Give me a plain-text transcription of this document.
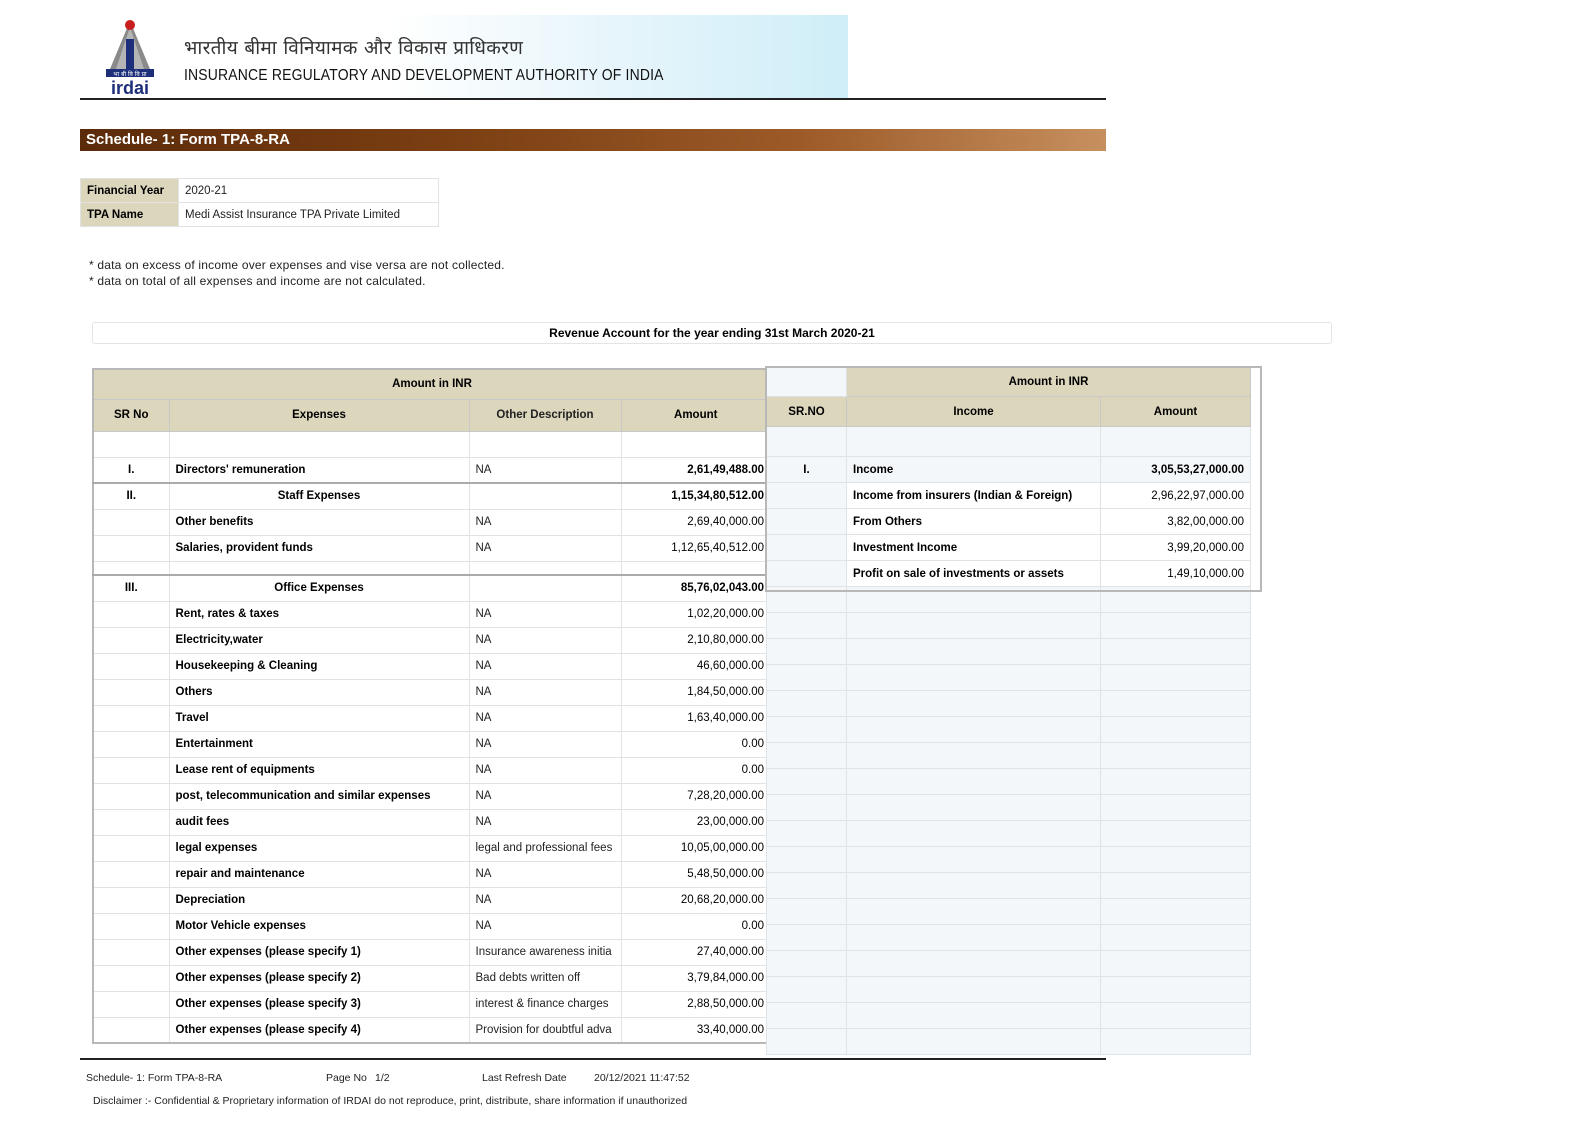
भा बी वि वि प्रा
irdai
भारतीय बीमा विनियामक और विकास प्राधिकरण
INSURANCE REGULATORY AND DEVELOPMENT AUTHORITY OF INDIA
Schedule- 1: Form TPA-8-RA
Financial Year	2020-21
TPA Name	Medi Assist Insurance TPA Private Limited
* data on excess of income over expenses and vise versa are not collected.
* data on total of all expenses and income are not calculated.
Revenue Account for the year ending 31st March 2020-21
Amount in INR			
SR No	Expenses	Other Description	Amount

I.	Directors' remuneration	NA	2,61,49,488.00
II.	Staff Expenses		1,15,34,80,512.00
	Other benefits	NA	2,69,40,000.00
	Salaries, provident funds	NA	1,12,65,40,512.00

III.	Office Expenses		85,76,02,043.00
	Rent, rates & taxes	NA	1,02,20,000.00
	Electricity,water	NA	2,10,80,000.00
	Housekeeping & Cleaning	NA	46,60,000.00
	Others	NA	1,84,50,000.00
	Travel	NA	1,63,40,000.00
	Entertainment	NA	0.00
	Lease rent of equipments	NA	0.00
	post, telecommunication and similar expenses	NA	7,28,20,000.00
	audit fees	NA	23,00,000.00
	legal expenses	legal and professional fees	10,05,00,000.00
	repair and maintenance	NA	5,48,50,000.00
	Depreciation	NA	20,68,20,000.00
	Motor Vehicle expenses	NA	0.00
	Other expenses (please specify 1)	Insurance awareness initia	27,40,000.00
	Other expenses (please specify 2)	Bad debts written off	3,79,84,000.00
	Other expenses (please specify 3)	interest & finance charges	2,88,50,000.00
	Other expenses (please specify 4)	Provision for doubtful adva	33,40,000.00
	Amount in INR	
SR.NO	Income	Amount

I.	Income	3,05,53,27,000.00
	Income from insurers (Indian & Foreign)	2,96,22,97,000.00
	From Others	3,82,00,000.00
	Investment Income	3,99,20,000.00
	Profit on sale of investments or assets	1,49,10,000.00

Schedule- 1: Form TPA-8-RA	Page No 1/2	Last Refresh Date	20/12/2021 11:47:52
Disclaimer :- Confidential & Proprietary information of IRDAI do not reproduce, print, distribute, share information if unauthorized
